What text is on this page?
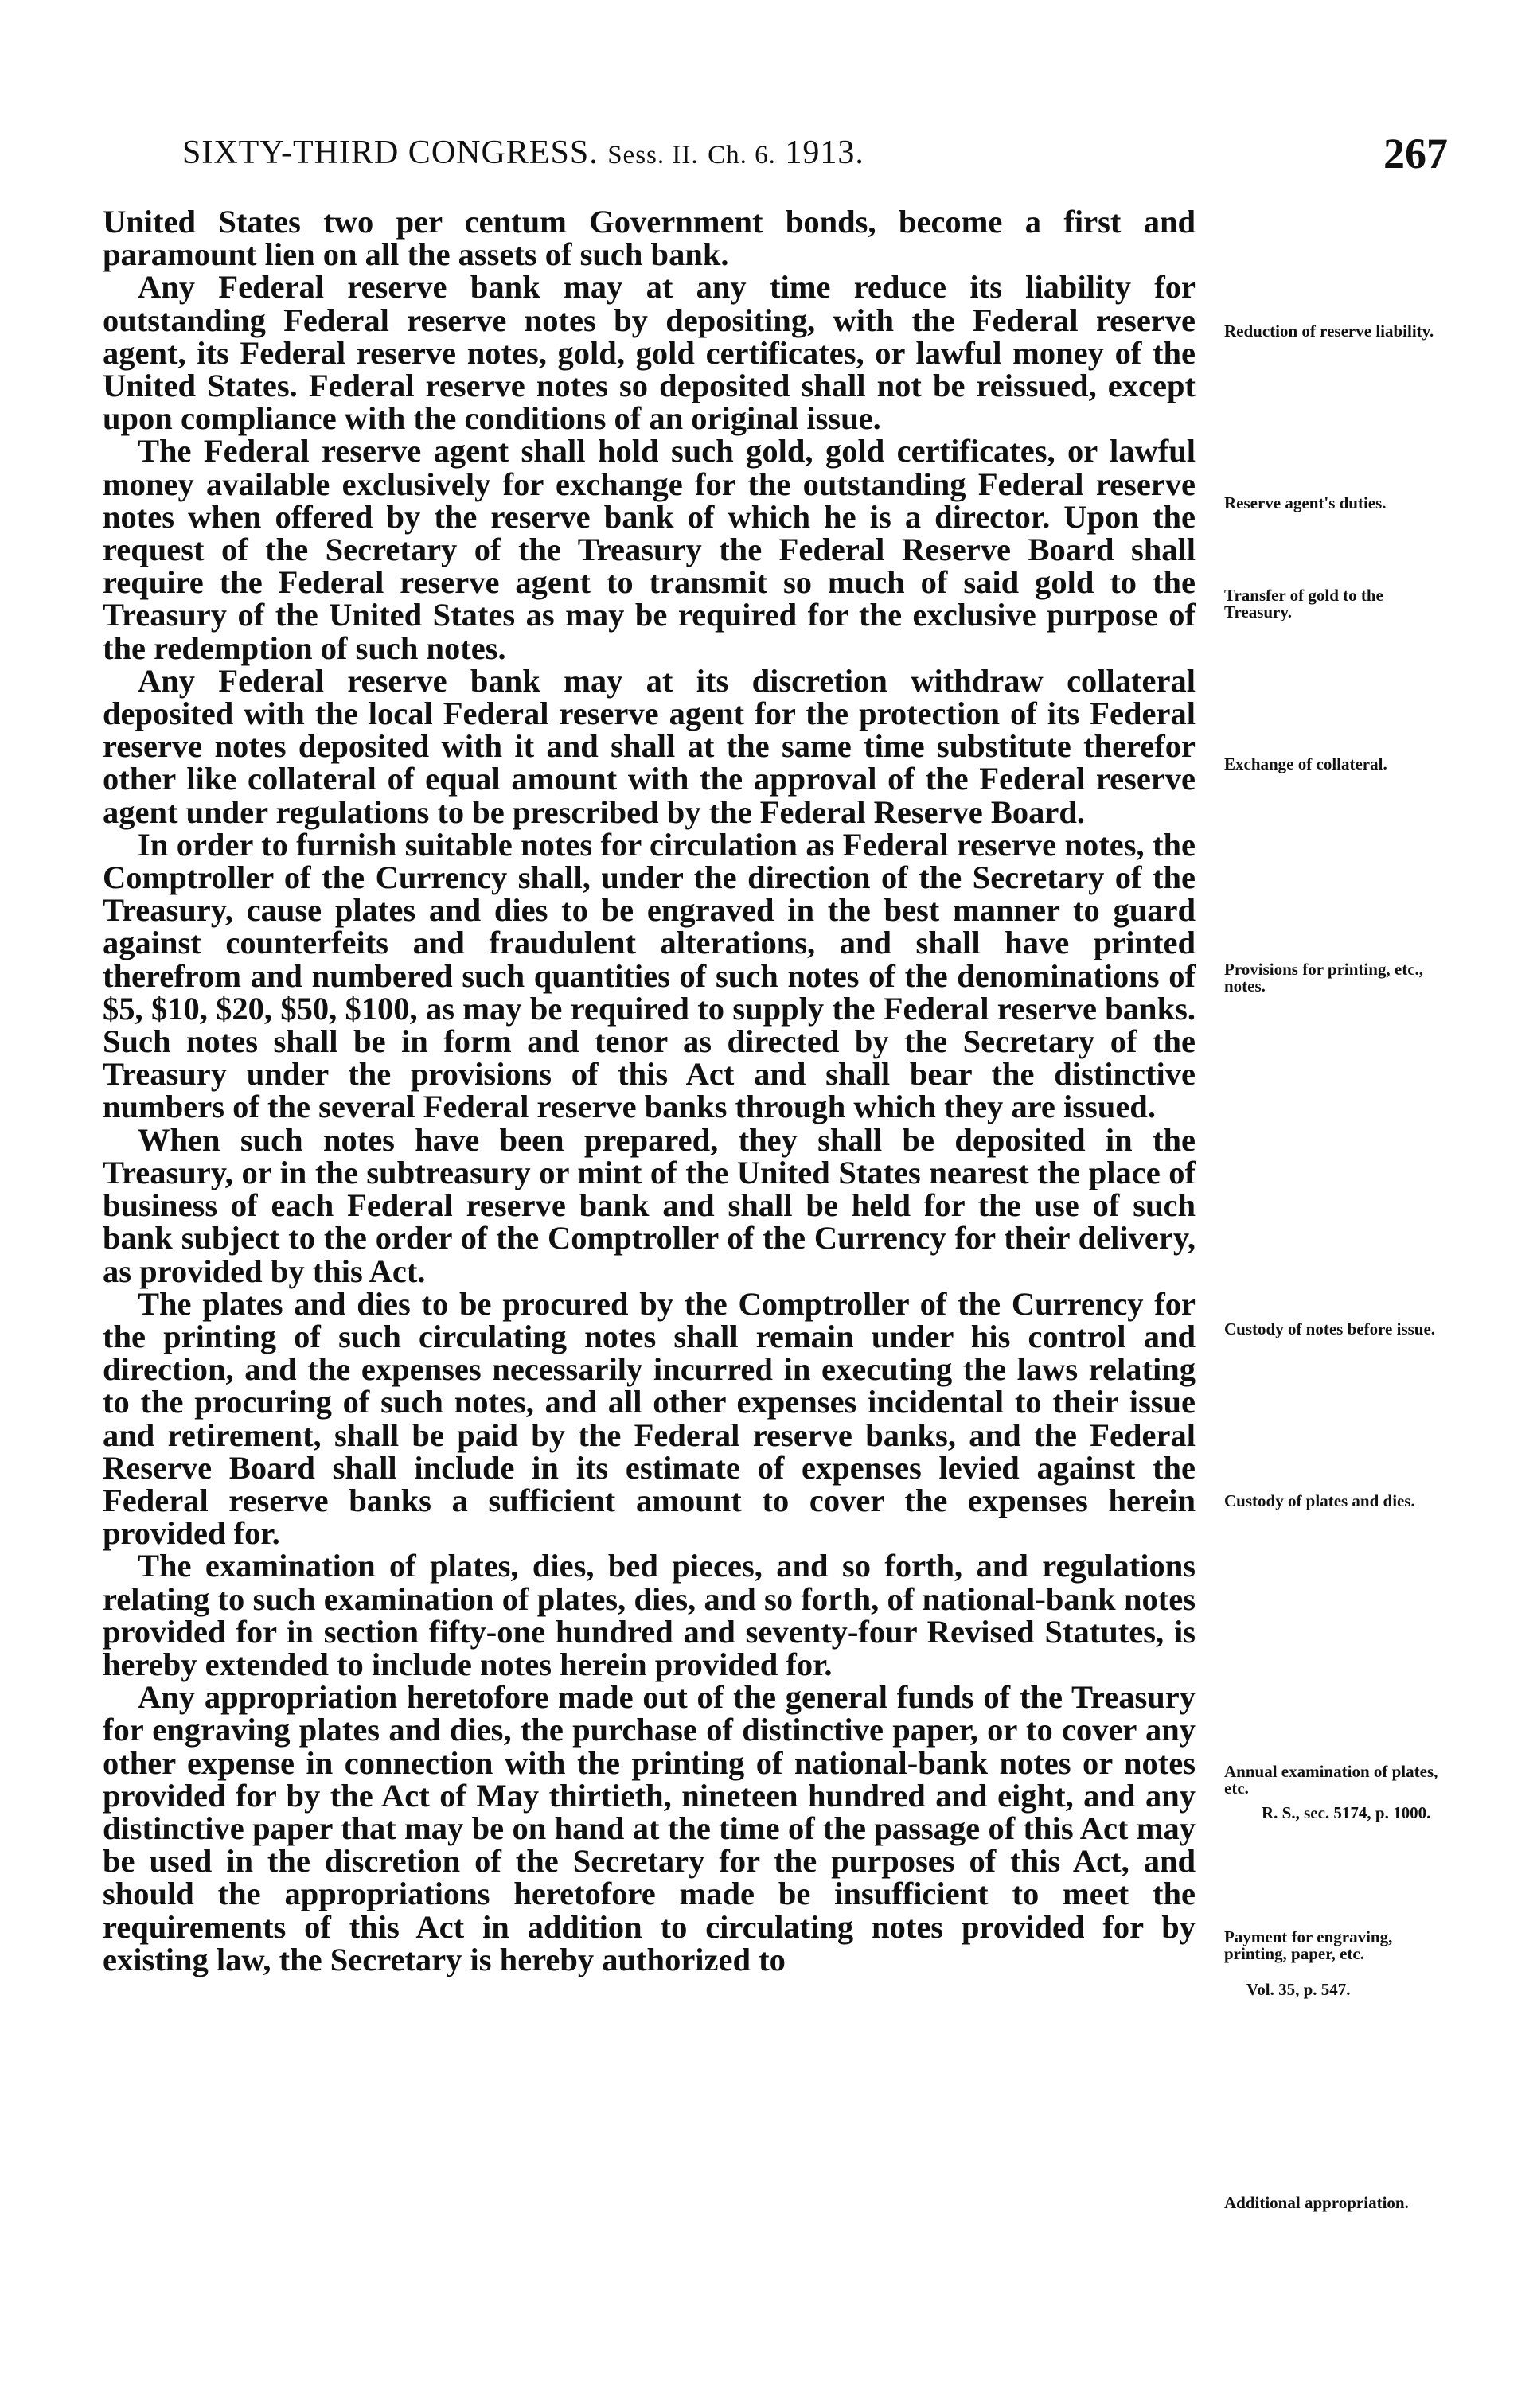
SIXTY-THIRD CONGRESS. Sess. II. Ch. 6. 1913.	267

United States two per centum Government bonds, become a first and paramount lien on all the assets of such bank.

Any Federal reserve bank may at any time reduce its liability for outstanding Federal reserve notes by depositing, with the Federal reserve agent, its Federal reserve notes, gold, gold certificates, or lawful money of the United States. Federal reserve notes so deposited shall not be reissued, except upon compliance with the conditions of an original issue.

The Federal reserve agent shall hold such gold, gold certificates, or lawful money available exclusively for exchange for the outstanding Federal reserve notes when offered by the reserve bank of which he is a director. Upon the request of the Secretary of the Treasury the Federal Reserve Board shall require the Federal reserve agent to transmit so much of said gold to the Treasury of the United States as may be required for the exclusive purpose of the redemption of such notes.

Any Federal reserve bank may at its discretion withdraw collateral deposited with the local Federal reserve agent for the protection of its Federal reserve notes deposited with it and shall at the same time substitute therefor other like collateral of equal amount with the approval of the Federal reserve agent under regulations to be prescribed by the Federal Reserve Board.

In order to furnish suitable notes for circulation as Federal reserve notes, the Comptroller of the Currency shall, under the direction of the Secretary of the Treasury, cause plates and dies to be engraved in the best manner to guard against counterfeits and fraudulent alterations, and shall have printed therefrom and numbered such quantities of such notes of the denominations of $5, $10, $20, $50, $100, as may be required to supply the Federal reserve banks. Such notes shall be in form and tenor as directed by the Secretary of the Treasury under the provisions of this Act and shall bear the distinctive numbers of the several Federal reserve banks through which they are issued.

When such notes have been prepared, they shall be deposited in the Treasury, or in the subtreasury or mint of the United States nearest the place of business of each Federal reserve bank and shall be held for the use of such bank subject to the order of the Comptroller of the Currency for their delivery, as provided by this Act.

The plates and dies to be procured by the Comptroller of the Currency for the printing of such circulating notes shall remain under his control and direction, and the expenses necessarily incurred in executing the laws relating to the procuring of such notes, and all other expenses incidental to their issue and retirement, shall be paid by the Federal reserve banks, and the Federal Reserve Board shall include in its estimate of expenses levied against the Federal reserve banks a sufficient amount to cover the expenses herein provided for.

The examination of plates, dies, bed pieces, and so forth, and regulations relating to such examination of plates, dies, and so forth, of national-bank notes provided for in section fifty-one hundred and seventy-four Revised Statutes, is hereby extended to include notes herein provided for.

Any appropriation heretofore made out of the general funds of the Treasury for engraving plates and dies, the purchase of distinctive paper, or to cover any other expense in connection with the printing of national-bank notes or notes provided for by the Act of May thirtieth, nineteen hundred and eight, and any distinctive paper that may be on hand at the time of the passage of this Act may be used in the discretion of the Secretary for the purposes of this Act, and should the appropriations heretofore made be insufficient to meet the requirements of this Act in addition to circulating notes provided for by existing law, the Secretary is hereby authorized to

Reduction of reserve liability.
Reserve agent's duties.
Transfer of gold to the Treasury.
Exchange of collateral.
Provisions for printing, etc., notes.
Custody of notes before issue.
Custody of plates and dies.
Annual examination of plates, etc.
R. S., sec. 5174, p. 1000.
Payment for engraving, printing, paper, etc.
Vol. 35, p. 547.
Additional appropriation.
